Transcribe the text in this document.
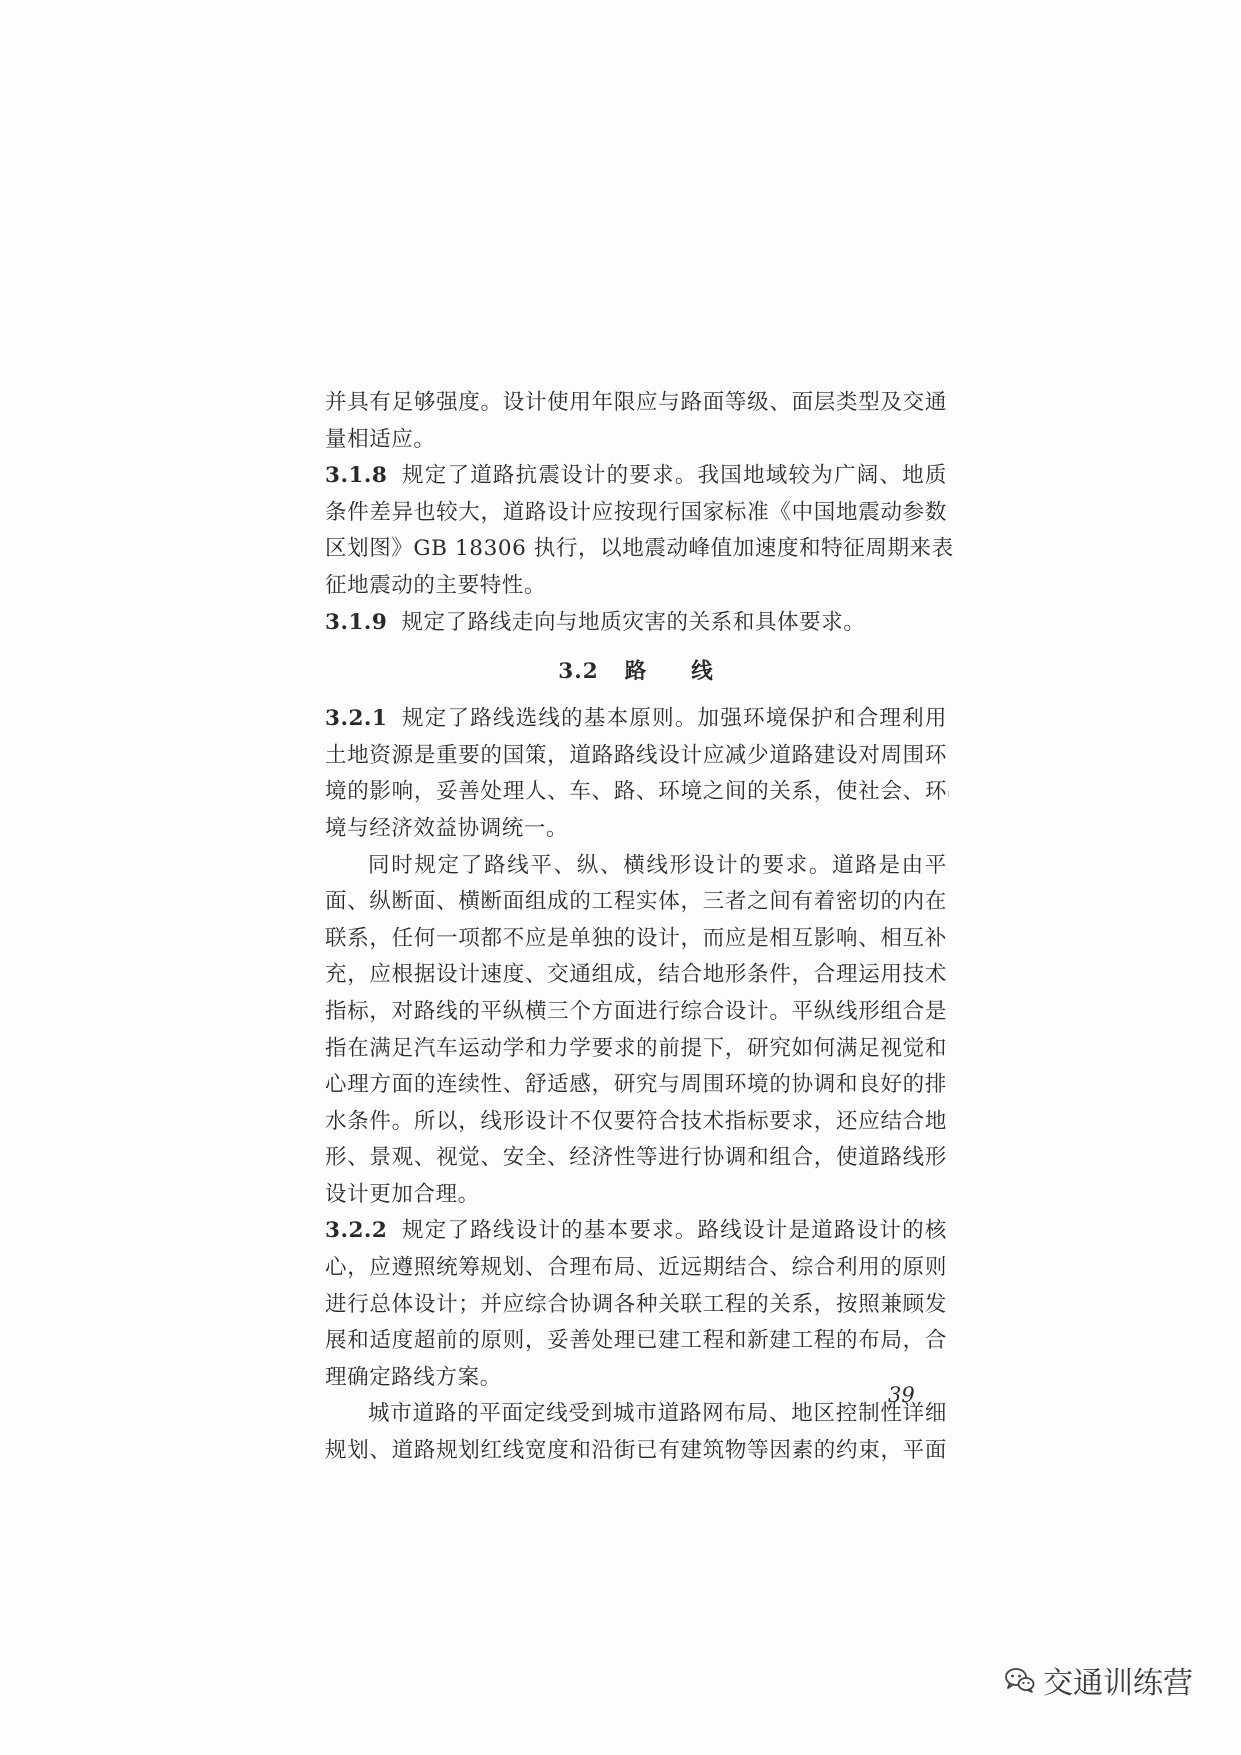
并具有足够强度。设计使用年限应与路面等级、面层类型及交通
量相适应。

3.1.8 规定了道路抗震设计的要求。我国地域较为广阔、地质
条件差异也较大，道路设计应按现行国家标准《中国地震动参数
区划图》GB 18306 执行，以地震动峰值加速度和特征周期来表
征地震动的主要特性。

3.1.9 规定了路线走向与地质灾害的关系和具体要求。

3.2 路 线

3.2.1 规定了路线选线的基本原则。加强环境保护和合理利用
土地资源是重要的国策，道路路线设计应减少道路建设对周围环
境的影响，妥善处理人、车、路、环境之间的关系，使社会、环
境与经济效益协调统一。

同时规定了路线平、纵、横线形设计的要求。道路是由平
面、纵断面、横断面组成的工程实体，三者之间有着密切的内在
联系，任何一项都不应是单独的设计，而应是相互影响、相互补
充，应根据设计速度、交通组成，结合地形条件，合理运用技术
指标，对路线的平纵横三个方面进行综合设计。平纵线形组合是
指在满足汽车运动学和力学要求的前提下，研究如何满足视觉和
心理方面的连续性、舒适感，研究与周围环境的协调和良好的排
水条件。所以，线形设计不仅要符合技术指标要求，还应结合地
形、景观、视觉、安全、经济性等进行协调和组合，使道路线形
设计更加合理。

3.2.2 规定了路线设计的基本要求。路线设计是道路设计的核
心，应遵照统筹规划、合理布局、近远期结合、综合利用的原则
进行总体设计；并应综合协调各种关联工程的关系，按照兼顾发
展和适度超前的原则，妥善处理已建工程和新建工程的布局，合
理确定路线方案。

城市道路的平面定线受到城市道路网布局、地区控制性详细
规划、道路规划红线宽度和沿街已有建筑物等因素的约束，平面

39
交通训练营
